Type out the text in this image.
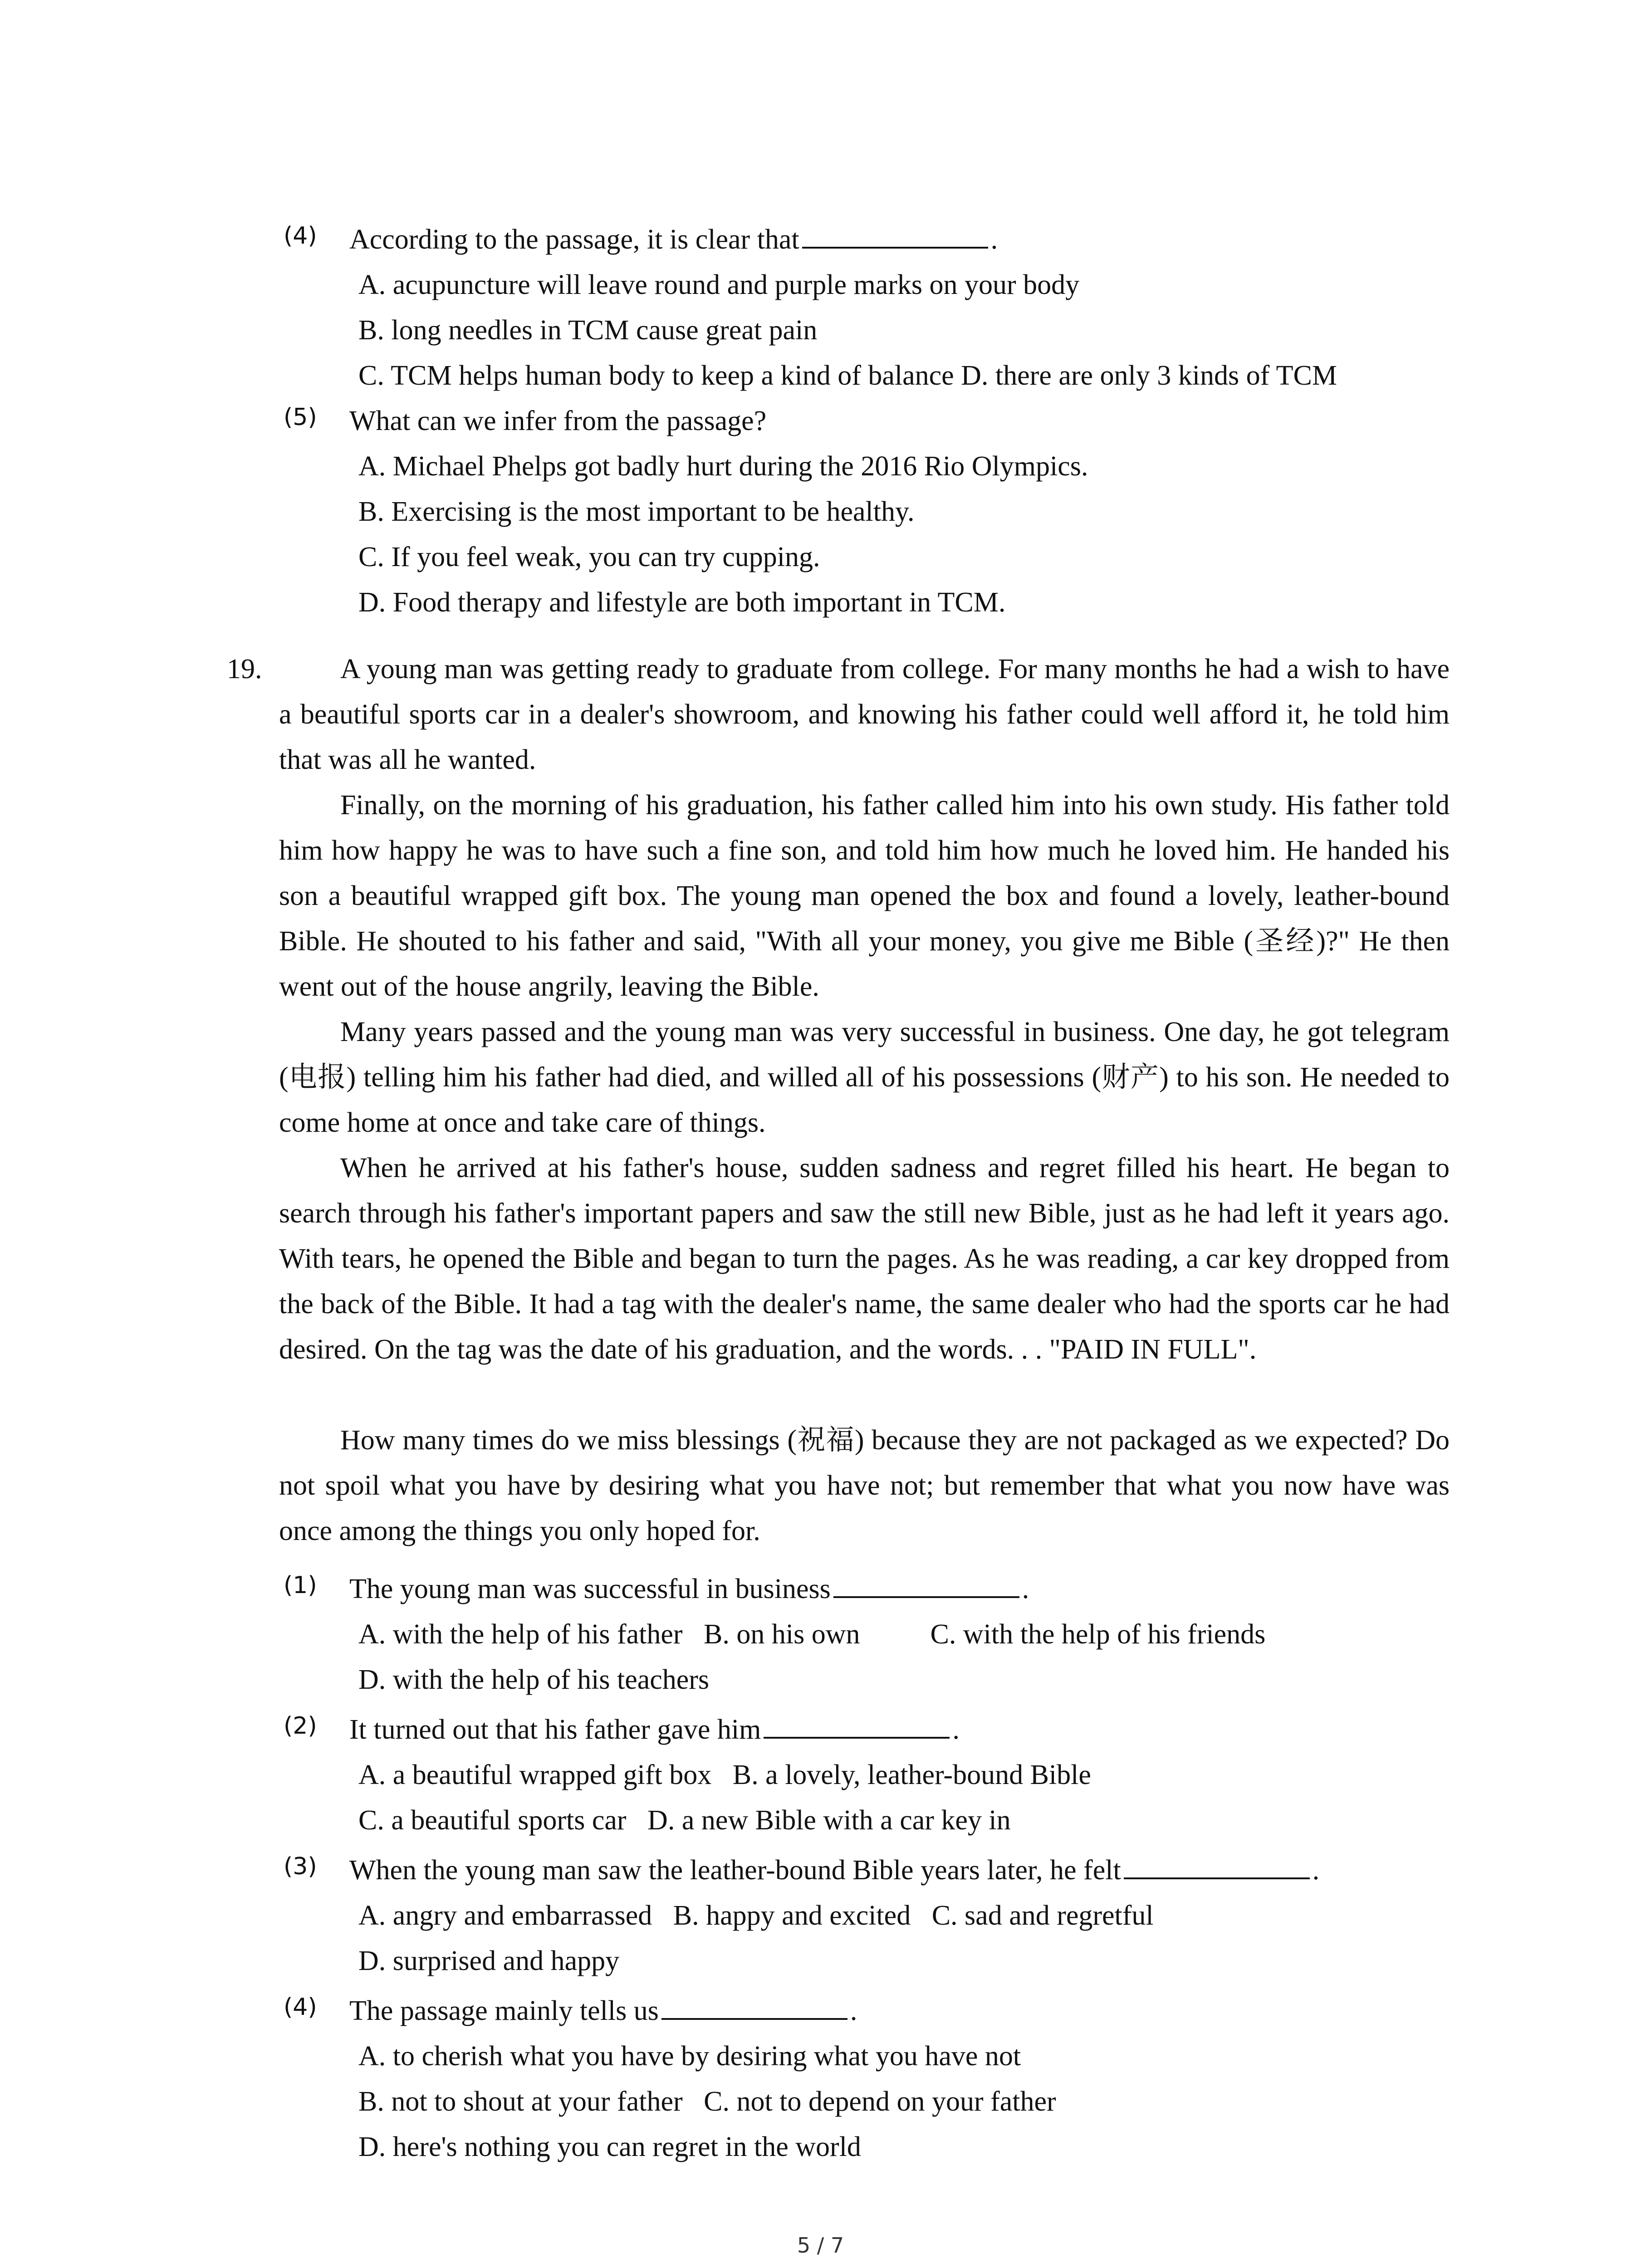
(4)	According to the passage, it is clear that	.
A. acupuncture will leave round and purple marks on your body
B. long needles in TCM cause great pain
C. TCM helps human body to keep a kind of balance D. there are only 3 kinds of TCM
(5)	What can we infer from the passage?
A. Michael Phelps got badly hurt during the 2016 Rio Olympics.
B. Exercising is the most important to be healthy.
C. If you feel weak, you can try cupping.
D. Food therapy and lifestyle are both important in TCM.
19.	A young man was getting ready to graduate from college. For many months he had a wish to have a beautiful sports car in a dealer's showroom, and knowing his father could well afford it, he told him that was all he wanted.

Finally, on the morning of his graduation, his father called him into his own study. His father told him how happy he was to have such a fine son, and told him how much he loved him. He handed his son a beautiful wrapped gift box. The young man opened the box and found a lovely, leather-bound Bible. He shouted to his father and said, "With all your money, you give me Bible (圣经)?" He then went out of the house angrily, leaving the Bible.

Many years passed and the young man was very successful in business. One day, he got telegram (电报) telling him his father had died, and willed all of his possessions (财产) to his son. He needed to come home at once and take care of things.

When he arrived at his father's house, sudden sadness and regret filled his heart. He began to search through his father's important papers and saw the still new Bible, just as he had left it years ago. With tears, he opened the Bible and began to turn the pages. As he was reading, a car key dropped from the back of the Bible. It had a tag with the dealer's name, the same dealer who had the sports car he had desired. On the tag was the date of his graduation, and the words. . . "PAID IN FULL".

How many times do we miss blessings (祝福) because they are not packaged as we expected? Do not spoil what you have by desiring what you have not; but remember that what you now have was once among the things you only hoped for.

(1)	The young man was successful in business	.
A. with the help of his father   B. on his own          C. with the help of his friends
D. with the help of his teachers
(2)	It turned out that his father gave him	.
A. a beautiful wrapped gift box   B. a lovely, leather-bound Bible
C. a beautiful sports car   D. a new Bible with a car key in
(3)	When the young man saw the leather-bound Bible years later, he felt	.
A. angry and embarrassed   B. happy and excited   C. sad and regretful
D. surprised and happy
(4)	The passage mainly tells us	.
A. to cherish what you have by desiring what you have not
B. not to shout at your father   C. not to depend on your father
D. here's nothing you can regret in the world
5 / 7
